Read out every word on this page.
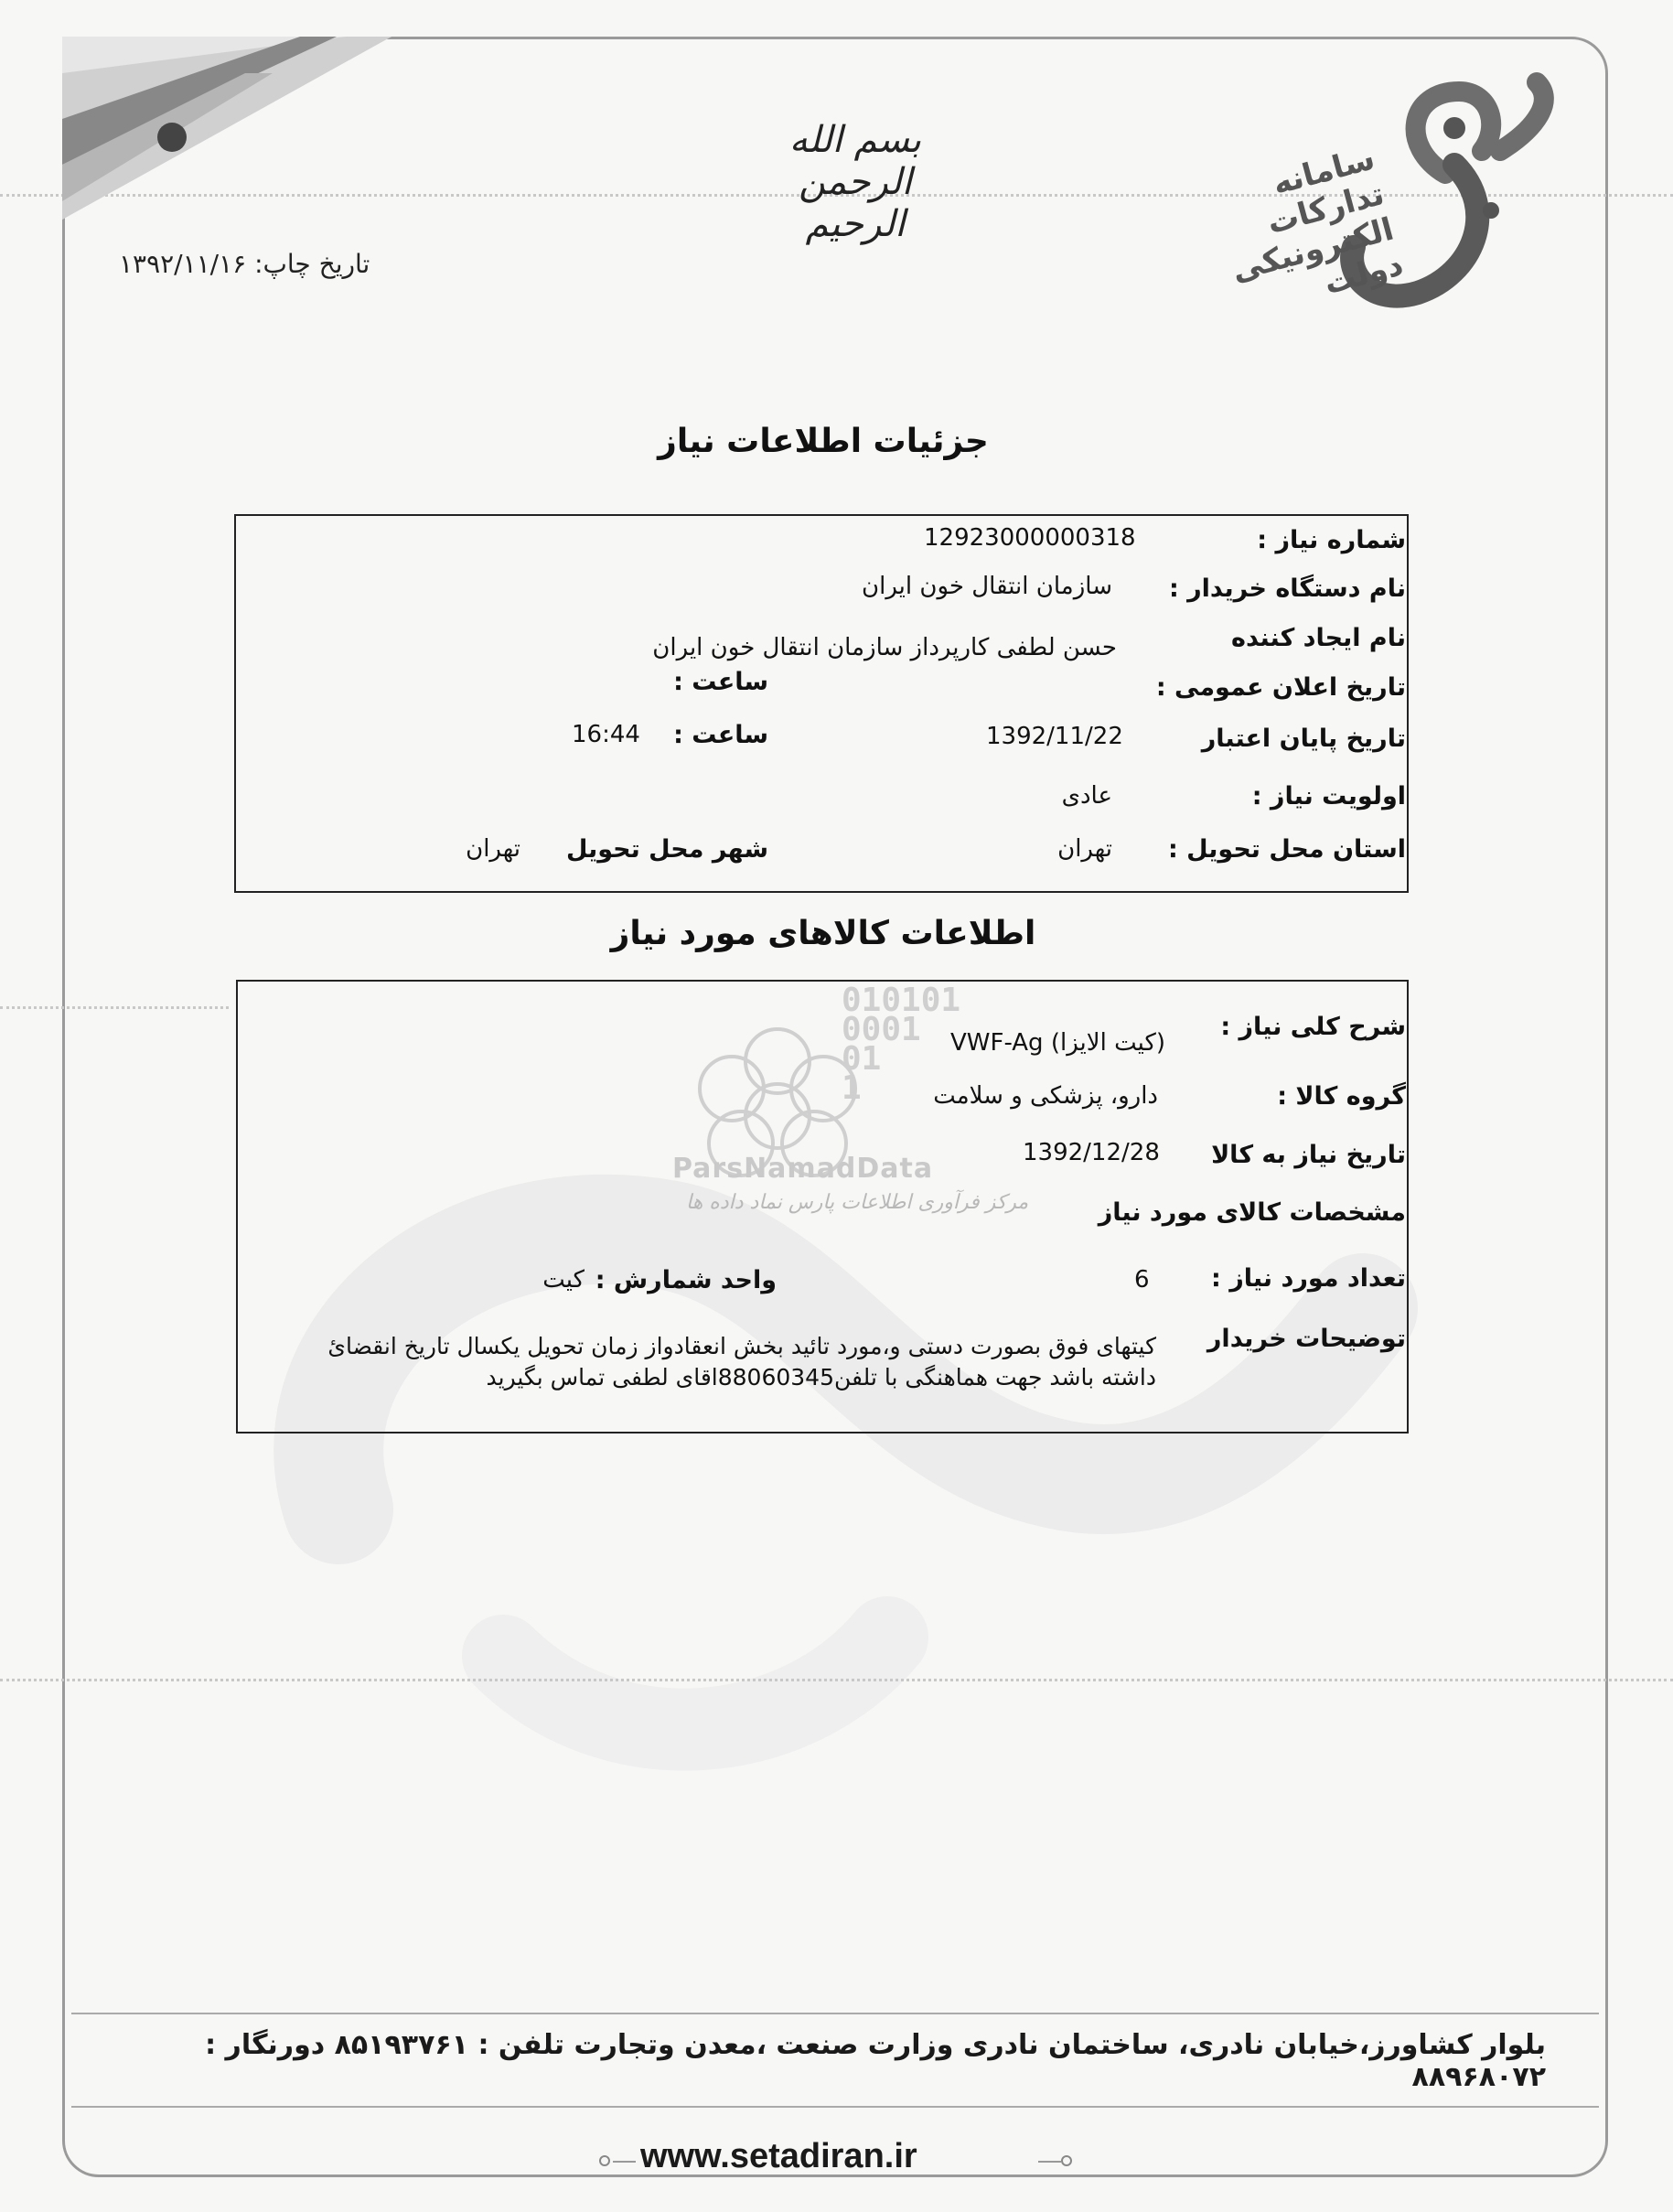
سامانه تدارکات الکترونیکی دولت
بسم الله الرحمن الرحیم
تاریخ چاپ: ۱۳۹۲/۱۱/۱۶
جزئیات اطلاعات نیاز
شماره نیاز :
12923000000318
نام دستگاه خریدار :
سازمان انتقال خون ایران
نام ایجاد کننده
حسن لطفی کارپرداز سازمان انتقال خون ایران
تاریخ اعلان عمومی :
ساعت :
تاریخ پایان اعتبار
1392/11/22
ساعت :
16:44
اولویت نیاز :
عادی
استان محل تحویل :
تهران
شهر محل تحویل
تهران
اطلاعات کالاهای مورد نیاز
010101
0001
01
1
ParsNamadData
مرکز فرآوری اطلاعات پارس نماد داده ها
شرح کلی نیاز :
(کیت الایزا) VWF-Ag
گروه کالا :
دارو، پزشکی و سلامت
تاریخ نیاز به کالا
1392/12/28
مشخصات کالای مورد نیاز
تعداد مورد نیاز :
6
واحد شمارش :
کیت
توضیحات خریدار
کیتهای فوق بصورت دستی و،مورد تائید بخش انعقادواز زمان تحویل یکسال تاریخ انقضائ داشته باشد جهت هماهنگی با تلفن88060345اقای لطفی تماس بگیرید
بلوار کشاورز،خیابان نادری، ساختمان نادری وزارت صنعت ،معدن وتجارت تلفن : ۸۵۱۹۳۷۶۱ دورنگار : ۸۸۹۶۸۰۷۲
www.setadiran.ir
